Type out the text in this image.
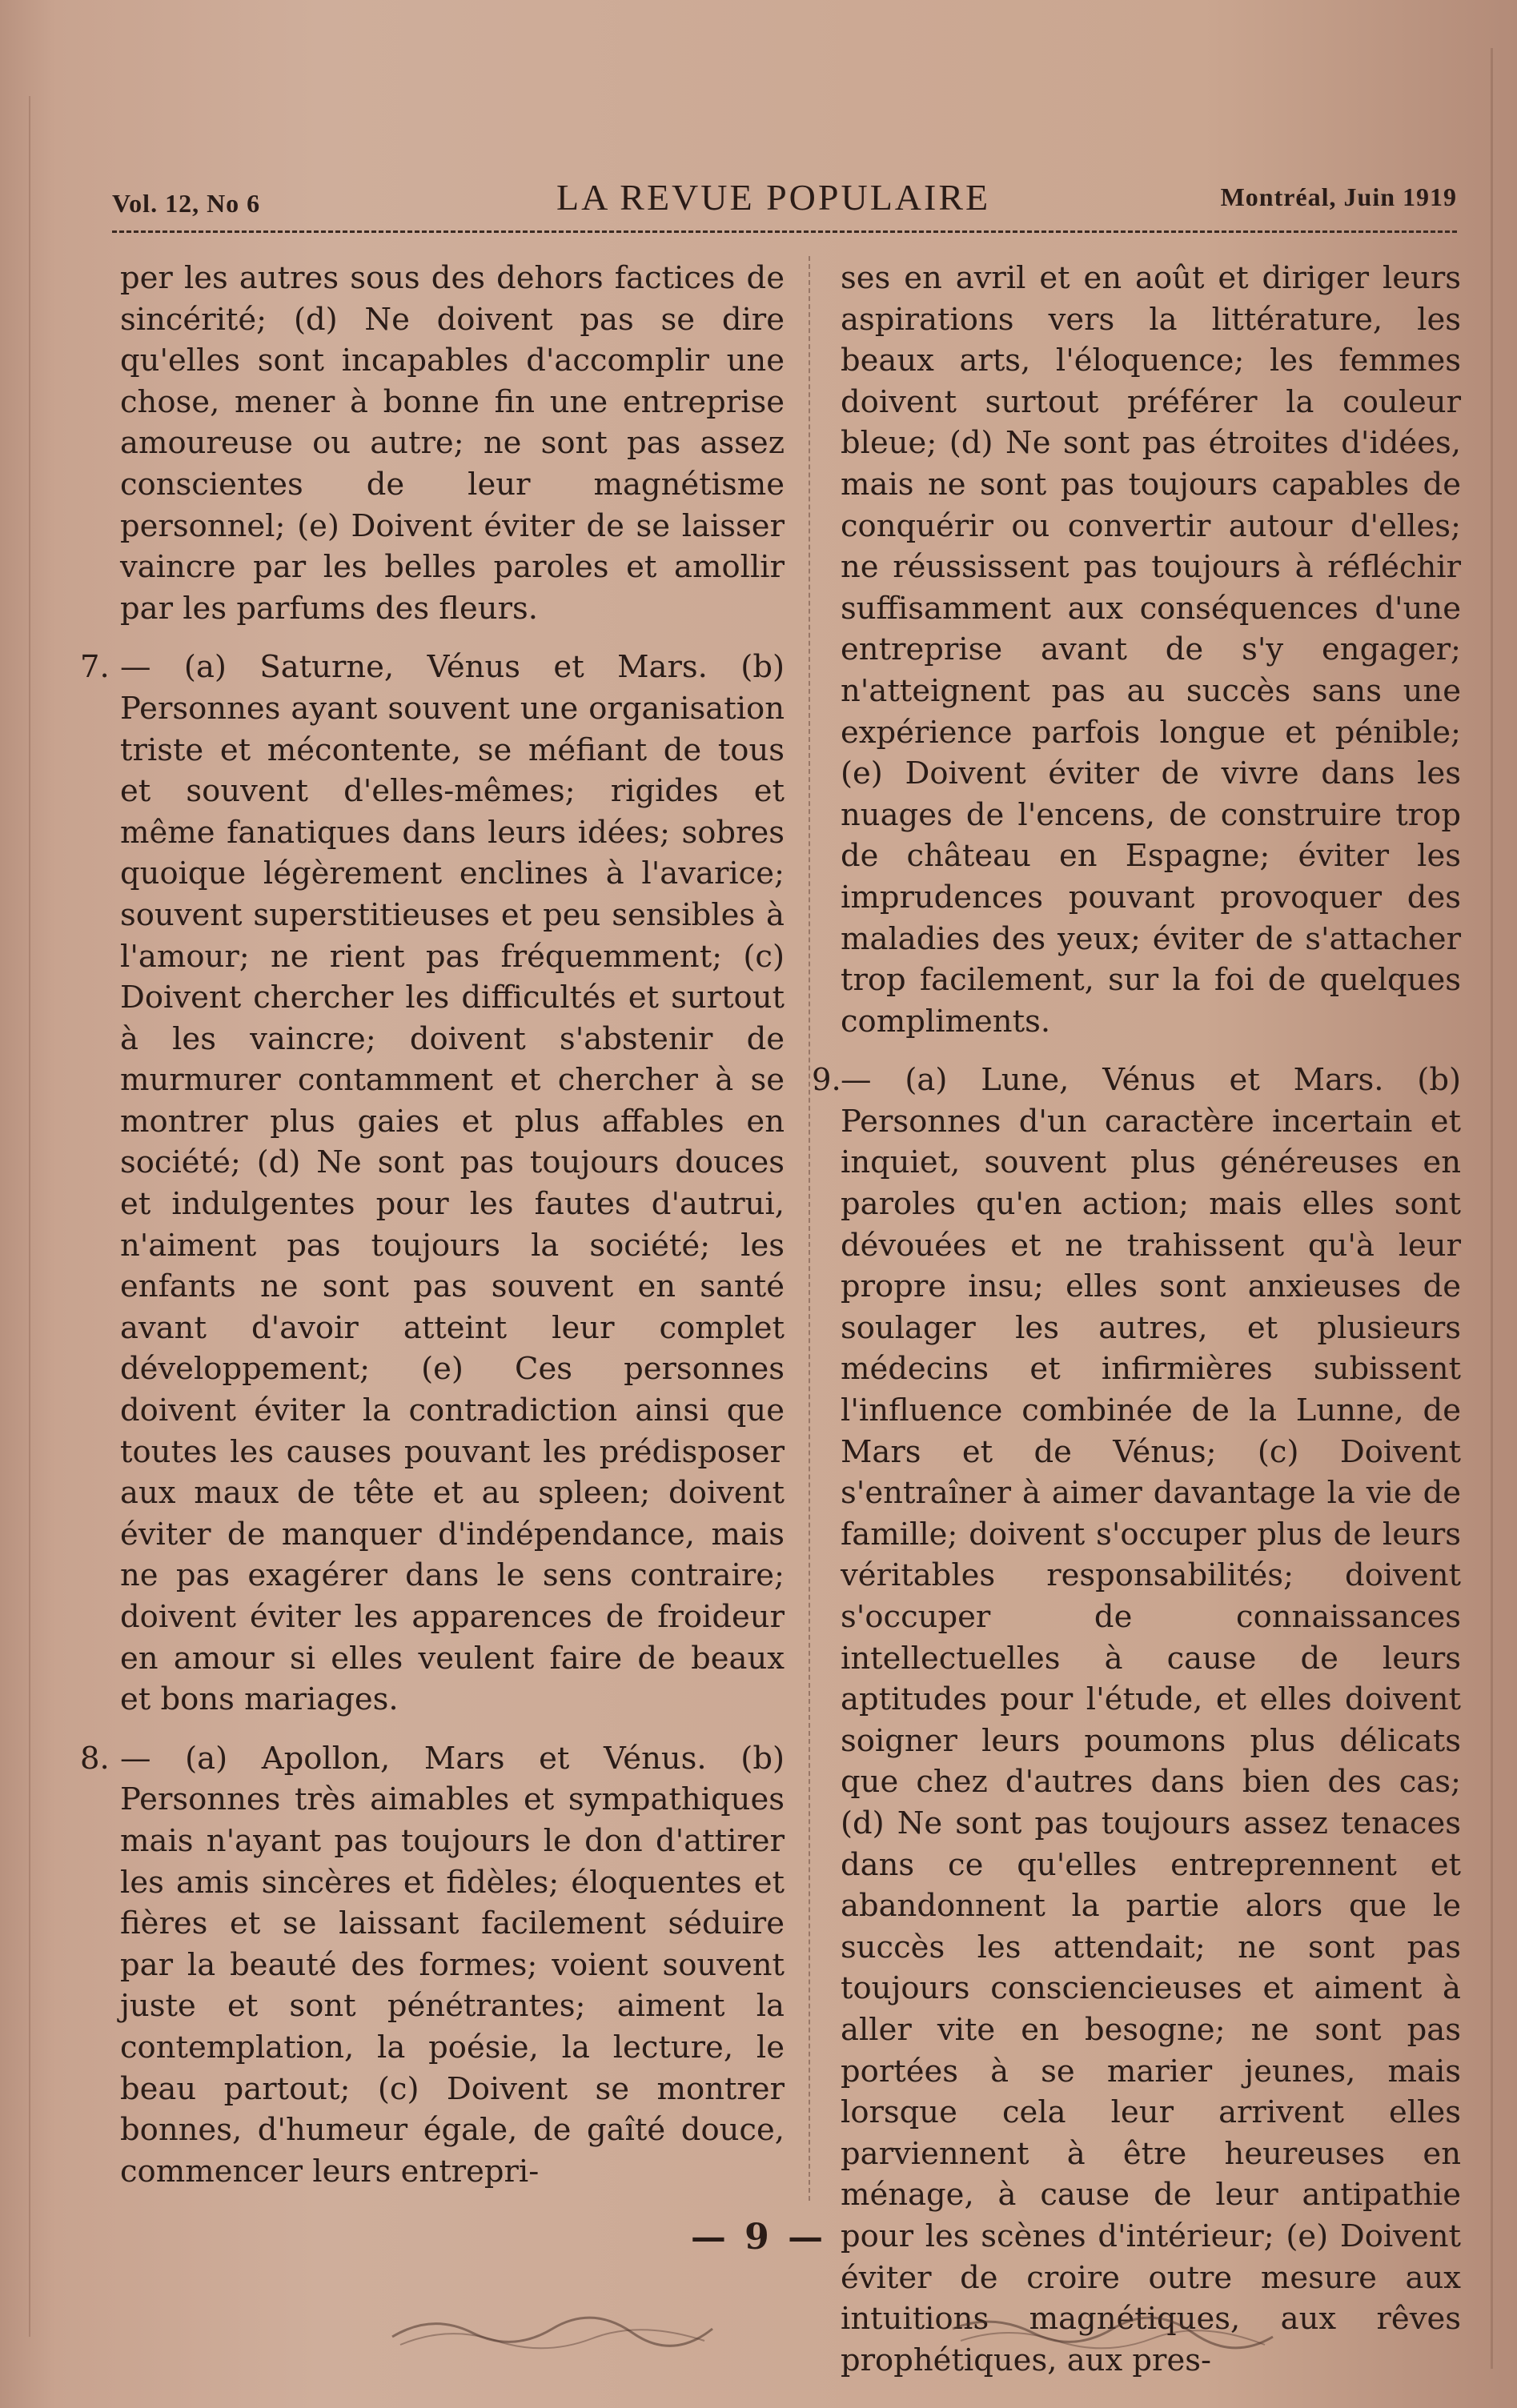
Vol. 12, No 6	LA REVUE POPULAIRE	Montréal, Juin 1919

per les autres sous des dehors factices de sincérité; (d) Ne doivent pas se dire qu'elles sont incapables d'accomplir une chose, mener à bonne fin une entreprise amoureuse ou autre; ne sont pas assez conscientes de leur magnétisme personnel; (e) Doivent éviter de se laisser vaincre par les belles paroles et amollir par les parfums des fleurs.

7. — (a) Saturne, Vénus et Mars. (b) Personnes ayant souvent une organisation triste et mécontente, se méfiant de tous et souvent d'elles-mêmes; rigides et même fanatiques dans leurs idées; sobres quoique légèrement enclines à l'avarice; souvent superstitieuses et peu sensibles à l'amour; ne rient pas fréquemment; (c) Doivent chercher les difficultés et surtout à les vaincre; doivent s'abstenir de murmurer contamment et chercher à se montrer plus gaies et plus affables en société; (d) Ne sont pas toujours douces et indulgentes pour les fautes d'autrui, n'aiment pas toujours la société; les enfants ne sont pas souvent en santé avant d'avoir atteint leur complet développement; (e) Ces personnes doivent éviter la contradiction ainsi que toutes les causes pouvant les prédisposer aux maux de tête et au spleen; doivent éviter de manquer d'indépendance, mais ne pas exagérer dans le sens contraire; doivent éviter les apparences de froideur en amour si elles veulent faire de beaux et bons mariages.
8. — (a) Apollon, Mars et Vénus. (b) Personnes très aimables et sympathiques mais n'ayant pas toujours le don d'attirer les amis sincères et fidèles; éloquentes et fières et se laissant facilement séduire par la beauté des formes; voient souvent juste et sont pénétrantes; aiment la contemplation, la poésie, la lecture, le beau partout; (c) Doivent se montrer bonnes, d'humeur égale, de gaîté douce, commencer leurs entrepri-

ses en avril et en août et diriger leurs aspirations vers la littérature, les beaux arts, l'éloquence; les femmes doivent surtout préférer la couleur bleue; (d) Ne sont pas étroites d'idées, mais ne sont pas toujours capables de conquérir ou convertir autour d'elles; ne réussissent pas toujours à réfléchir suffisamment aux conséquences d'une entreprise avant de s'y engager; n'atteignent pas au succès sans une expérience parfois longue et pénible; (e) Doivent éviter de vivre dans les nuages de l'encens, de construire trop de château en Espagne; éviter les imprudences pouvant provoquer des maladies des yeux; éviter de s'attacher trop facilement, sur la foi de quelques compliments.

9. — (a) Lune, Vénus et Mars. (b) Personnes d'un caractère incertain et inquiet, souvent plus généreuses en paroles qu'en action; mais elles sont dévouées et ne trahissent qu'à leur propre insu; elles sont anxieuses de soulager les autres, et plusieurs médecins et infirmières subissent l'influence combinée de la Lunne, de Mars et de Vénus; (c) Doivent s'entraîner à aimer davantage la vie de famille; doivent s'occuper plus de leurs véritables responsabilités; doivent s'occuper de connaissances intellectuelles à cause de leurs aptitudes pour l'étude, et elles doivent soigner leurs poumons plus délicats que chez d'autres dans bien des cas; (d) Ne sont pas toujours assez tenaces dans ce qu'elles entreprennent et abandonnent la partie alors que le succès les attendait; ne sont pas toujours consciencieuses et aiment à aller vite en besogne; ne sont pas portées à se marier jeunes, mais lorsque cela leur arrivent elles parviennent à être heureuses en ménage, à cause de leur antipathie pour les scènes d'intérieur; (e) Doivent éviter de croire outre mesure aux intuitions magnétiques, aux rêves prophétiques, aux pres-
— 9 —
